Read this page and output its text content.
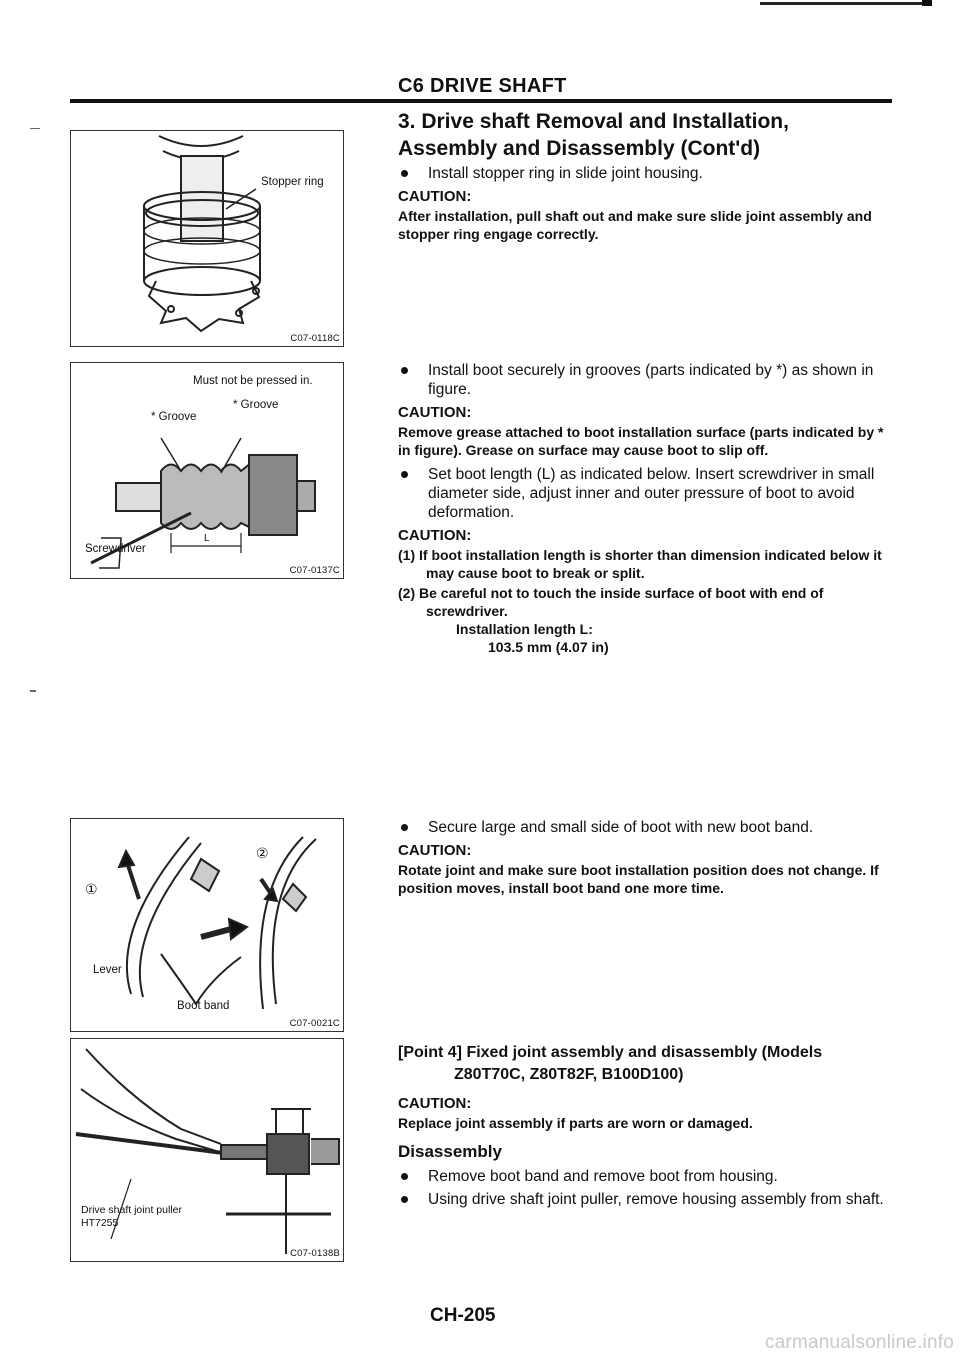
C6 DRIVE SHAFT
3. Drive shaft Removal and Installation,
Assembly and Disassembly (Cont'd)
Stopper ring
C07-0118C
Must not be pressed in.
* Groove
* Groove
L
Screwdriver
C07-0137C
①
②
Lever
Boot band
C07-0021C
Drive shaft joint puller
HT7255
C07-0138B
Install stopper ring in slide joint housing.
CAUTION:
After installation, pull shaft out and make sure slide joint assembly and stopper ring engage correctly.
Install boot securely in grooves (parts indicated by *) as shown in figure.
CAUTION:
Remove grease attached to boot installation surface (parts indicated by * in figure). Grease on surface may cause boot to slip off.
Set boot length (L) as indicated below. Insert screwdriver in small diameter side, adjust inner and outer pressure of boot to avoid deformation.
CAUTION:
(1) If boot installation length is shorter than dimension indicated below it may cause boot to break or split.
(2) Be careful not to touch the inside surface of boot with end of screwdriver.
Installation length L:
103.5 mm (4.07 in)
Secure large and small side of boot with new boot band.
CAUTION:
Rotate joint and make sure boot installation position does not change. If position moves, install boot band one more time.
[Point 4] Fixed joint assembly and disassembly (Models
Z80T70C, Z80T82F, B100D100)
CAUTION:
Replace joint assembly if parts are worn or damaged.
Disassembly
Remove boot band and remove boot from housing.
Using drive shaft joint puller, remove housing assembly from shaft.
CH-205
carmanualsonline.info
